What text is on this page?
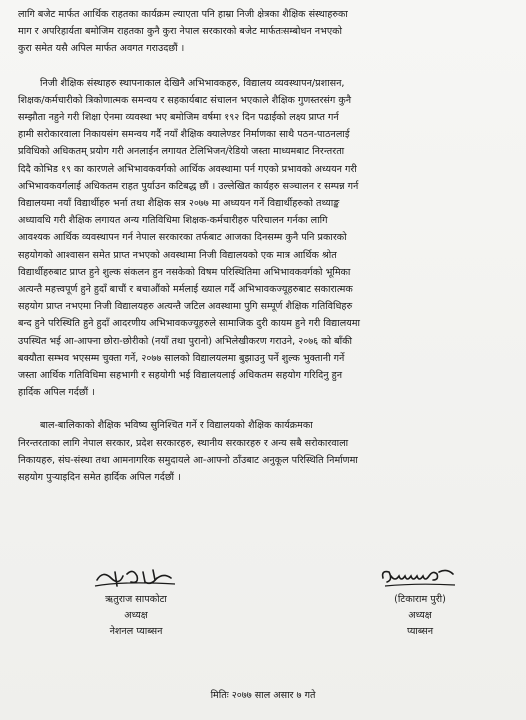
लागि बजेट मार्फत आर्थिक राहतका कार्यक्रम ल्याएता पनि हाम्रा निजी क्षेत्रका शैक्षिक संस्थाहरुका
माग र अपरिहार्यता बमोजिम राहतका कुनै कुरा नेपाल सरकारको बजेट मार्फतःसम्बोधन नभएको
कुरा समेत यसै अपिल मार्फत अवगत गराउदछौं ।
निजी शैक्षिक संस्थाहरु स्थापनाकाल देखिनै अभिभावकहरु, विद्यालय व्यवस्थापन/प्रशासन,
शिक्षक/कर्मचारीको त्रिकोणात्मक समन्वय र सहकार्यबाट संचालन भएकाले शैक्षिक गुणस्तरसंग कुनै
सम्झौता नहुने गरी शिक्षा ऐनमा व्यवस्था भए बमोजिम वर्षमा १९२ दिन पढाईको लक्ष्य प्राप्त गर्न
हामी सरोकारवाला निकायसंग समन्वय गर्दै नयाँ शैक्षिक क्यालेण्डर निर्माणका साथै पठन-पाठनलाई
प्रविधिको अधिकतम् प्रयोग गरी अनलाईन लगायत टेलिभिजन/रेडियो जस्ता माध्यमबाट निरन्तरता
दिदै कोभिड १९ का कारणले अभिभावकवर्गको आर्थिक अवस्थामा पर्न गएको प्रभावको अध्ययन गरी
अभिभावकवर्गलाई अधिकतम राहत पुर्याउन कटिबद्ध छौं । उल्लेखित कार्यहरु सञ्चालन र सम्पन्न गर्न
विद्यालयमा नयाँ विद्यार्थीहरु भर्ना तथा शैक्षिक सत्र २०७७ मा अध्ययन गर्ने विद्यार्थीहरुको तथ्याङ्क
अध्यावधि गरी शैक्षिक लगायत अन्य गतिविधिमा शिक्षक-कर्मचारीहरु परिचालन गर्नका लागि
आवश्यक आर्थिक व्यवस्थापन गर्न नेपाल सरकारका तर्फबाट आजका दिनसम्म कुनै पनि प्रकारको
सहयोगको आश्वासन समेत प्राप्त नभएको अवस्थामा निजी विद्यालयको एक मात्र आर्थिक श्रोत
विद्यार्थीहरुबाट प्राप्त हुने शुल्क संकलन हुन नसकेको विषम परिस्थितिमा अभिभावकवर्गको भूमिका
अत्यन्तै महत्त्वपूर्ण हुने हुदाँ बाचौं र बचाऔंको मर्मलाई ख्याल गर्दै अभिभावकज्यूहरुबाट सकारात्मक
सहयोग प्राप्त नभएमा निजी विद्यालयहरु अत्यन्तै जटिल अवस्थामा पुगि सम्पूर्ण शैक्षिक गतिविधिहरु
बन्द हुने परिस्थिति हुने हुदाँ आदरणीय अभिभावकज्यूहरुले सामाजिक दुरी कायम हुने गरी विद्यालयमा
उपस्थित भई आ-आफ्ना छोरा-छोरीको (नयाँ तथा पुरानो) अभिलेखीकरण गराउने, २०७६ को बाँकी
बक्यौता सम्भव भएसम्म चुक्ता गर्ने, २०७७ सालको विद्यालयलमा बुझाउनु पर्ने शुल्क भुक्तानी गर्ने
जस्ता आर्थिक गतिविधिमा सहभागी र सहयोगी भई विद्यालयलाई अधिकतम सहयोग गरिदिनु हुन
हार्दिक अपिल गर्दछौं ।
बाल-बालिकाको शैक्षिक भविष्य सुनिश्चित गर्ने र विद्यालयको शैक्षिक कार्यक्रमका
निरन्तरताका लागि नेपाल सरकार, प्रदेश सरकारहरु, स्थानीय सरकारहरु र अन्य सबै सरोकारवाला
निकायहरु, संघ-संस्था तथा आमनागरिक समुदायले आ-आफ्नो ठाँउबाट अनुकूल परिस्थिति निर्माणमा
सहयोग पुऱ्याइदिन समेत हार्दिक अपिल गर्दछौं ।
ऋतुराज सापकोटा
अध्यक्ष
नेशनल प्याब्सन
(टिकाराम पुरी)
अध्यक्ष
प्याब्सन
मितिः २०७७ साल असार ७ गते
